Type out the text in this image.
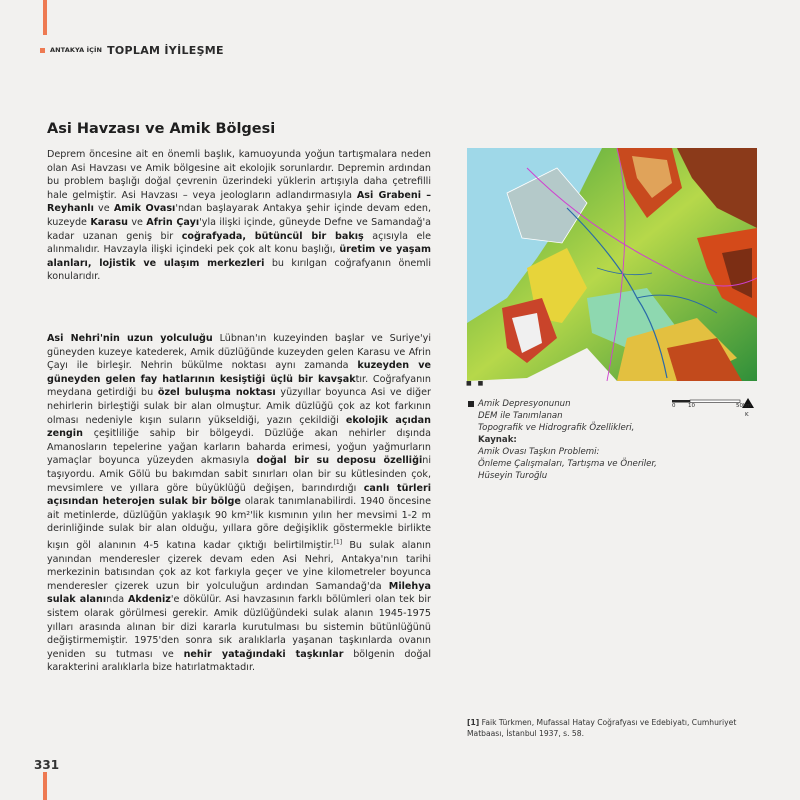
ANTAKYA İÇİN TOPLAM İYİLEŞME
Asi Havzası ve Amik Bölgesi

Deprem öncesine ait en önemli başlık, kamuoyunda yoğun tartışmalara neden olan Asi Havzası ve Amik bölgesine ait ekolojik sorunlardır. Depremin ardından bu problem başlığı doğal çevrenin üzerindeki yüklerin artışıyla daha çetrefilli hale gelmiştir. Asi Havzası – veya jeologların adlandırmasıyla Asi Grabeni – Reyhanlı ve Amik Ovası'ndan başlayarak Antakya şehir içinde devam eden, kuzeyde Karasu ve Afrin Çayı'yla ilişki içinde, güneyde Defne ve Samandağ'a kadar uzanan geniş bir coğrafyada, bütüncül bir bakış açısıyla ele alınmalıdır. Havzayla ilişki içindeki pek çok alt konu başlığı, üretim ve yaşam alanları, lojistik ve ulaşım merkezleri bu kırılgan coğrafyanın önemli konularıdır.

Asi Nehri'nin uzun yolculuğu Lübnan'ın kuzeyinden başlar ve Suriye'yi güneyden kuzeye katederek, Amik düzlüğünde kuzeyden gelen Karasu ve Afrin Çayı ile birleşir. Nehrin bükülme noktası aynı zamanda kuzeyden ve güneyden gelen fay hatlarının kesiştiği üçlü bir kavşaktır. Coğrafyanın meydana getirdiği bu özel buluşma noktası yüzyıllar boyunca Asi ve diğer nehirlerin birleştiği sulak bir alan olmuştur. Amik düzlüğü çok az kot farkının olması nedeniyle kışın suların yükseldiği, yazın çekildiği ekolojik açıdan zengin çeşitliliğe sahip bir bölgeydi. Düzlüğe akan nehirler dışında Amanosların tepelerine yağan karların baharda erimesi, yoğun yağmurların yamaçlar boyunca yüzeyden akmasıyla doğal bir su deposu özelliğini taşıyordu. Amik Gölü bu bakımdan sabit sınırları olan bir su kütlesinden çok, mevsimlere ve yıllara göre büyüklüğü değişen, barındırdığı canlı türleri açısından heterojen sulak bir bölge olarak tanımlanabilirdi. 1940 öncesine ait metinlerde, düzlüğün yaklaşık 90 km²'lik kısmının yılın her mevsimi 1-2 m derinliğinde sulak bir alan olduğu, yıllara göre değişiklik göstermekle birlikte kışın göl alanının 4-5 katına kadar çıktığı belirtilmiştir.[1] Bu sulak alanın yanından menderesler çizerek devam eden Asi Nehri, Antakya'nın tarihi merkezinin batısından çok az kot farkıyla geçer ve yine kilometreler boyunca menderesler çizerek uzun bir yolculuğun ardından Samandağ'da Milehya sulak alanında Akdeniz'e dökülür. Asi havzasının farklı bölümleri olan tek bir sistem olarak görülmesi gerekir. Amik düzlüğündeki sulak alanın 1945-1975 yılları arasında alınan bir dizi kararla kurutulması bu sistemin bütünlüğünü değiştirmemiştir. 1975'den sonra sık aralıklarla yaşanan taşkınlarda ovanın yeniden su tutması ve nehir yatağındaki taşkınlar bölgenin doğal karakterini aralıklarla bize hatırlatmaktadır.

■ ■
0 10	50km
K
Amik Depresyonunun
DEM ile Tanımlanan
Topografik ve Hidrografik Özellikleri,
Kaynak:
Amik Ovası Taşkın Problemi:
Önleme Çalışmaları, Tartışma ve Öneriler,
Hüseyin Turoğlu
[1] Faik Türkmen, Mufassal Hatay Coğrafyası ve Edebiyatı, Cumhuriyet Matbaası, İstanbul 1937, s. 58.
331
